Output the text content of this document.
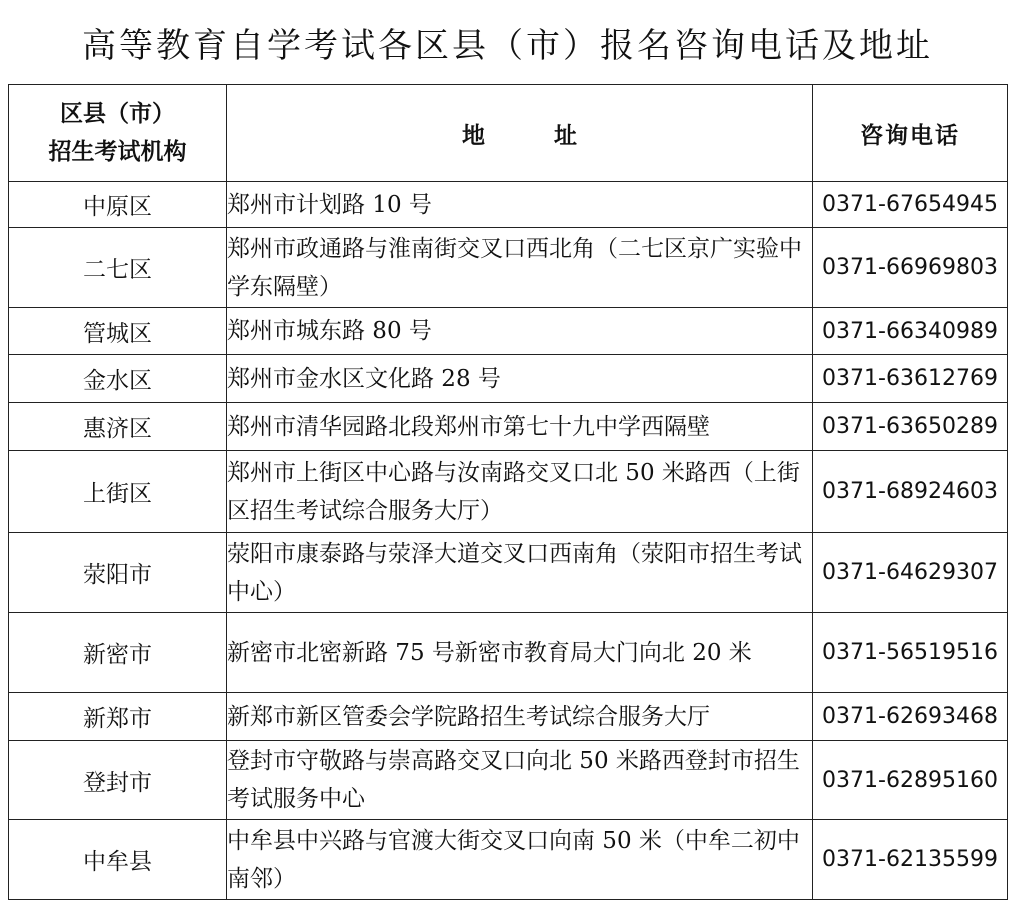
高等教育自学考试各区县（市）报名咨询电话及地址
区县（市）
招生考试机构	地　　　址	咨询电话
中原区	郑州市计划路 10 号	0371-67654945
二七区	郑州市政通路与淮南街交叉口西北角（二七区京广实验中学东隔壁）	0371-66969803
管城区	郑州市城东路 80 号	0371-66340989
金水区	郑州市金水区文化路 28 号	0371-63612769
惠济区	郑州市清华园路北段郑州市第七十九中学西隔壁	0371-63650289
上街区	郑州市上街区中心路与汝南路交叉口北 50 米路西（上街区招生考试综合服务大厅）	0371-68924603
荥阳市	荥阳市康泰路与荥泽大道交叉口西南角（荥阳市招生考试中心）	0371-64629307
新密市	新密市北密新路 75 号新密市教育局大门向北 20 米	0371-56519516
新郑市	新郑市新区管委会学院路招生考试综合服务大厅	0371-62693468
登封市	登封市守敬路与崇高路交叉口向北 50 米路西登封市招生考试服务中心	0371-62895160
中牟县	中牟县中兴路与官渡大街交叉口向南 50 米（中牟二初中南邻）	0371-62135599
